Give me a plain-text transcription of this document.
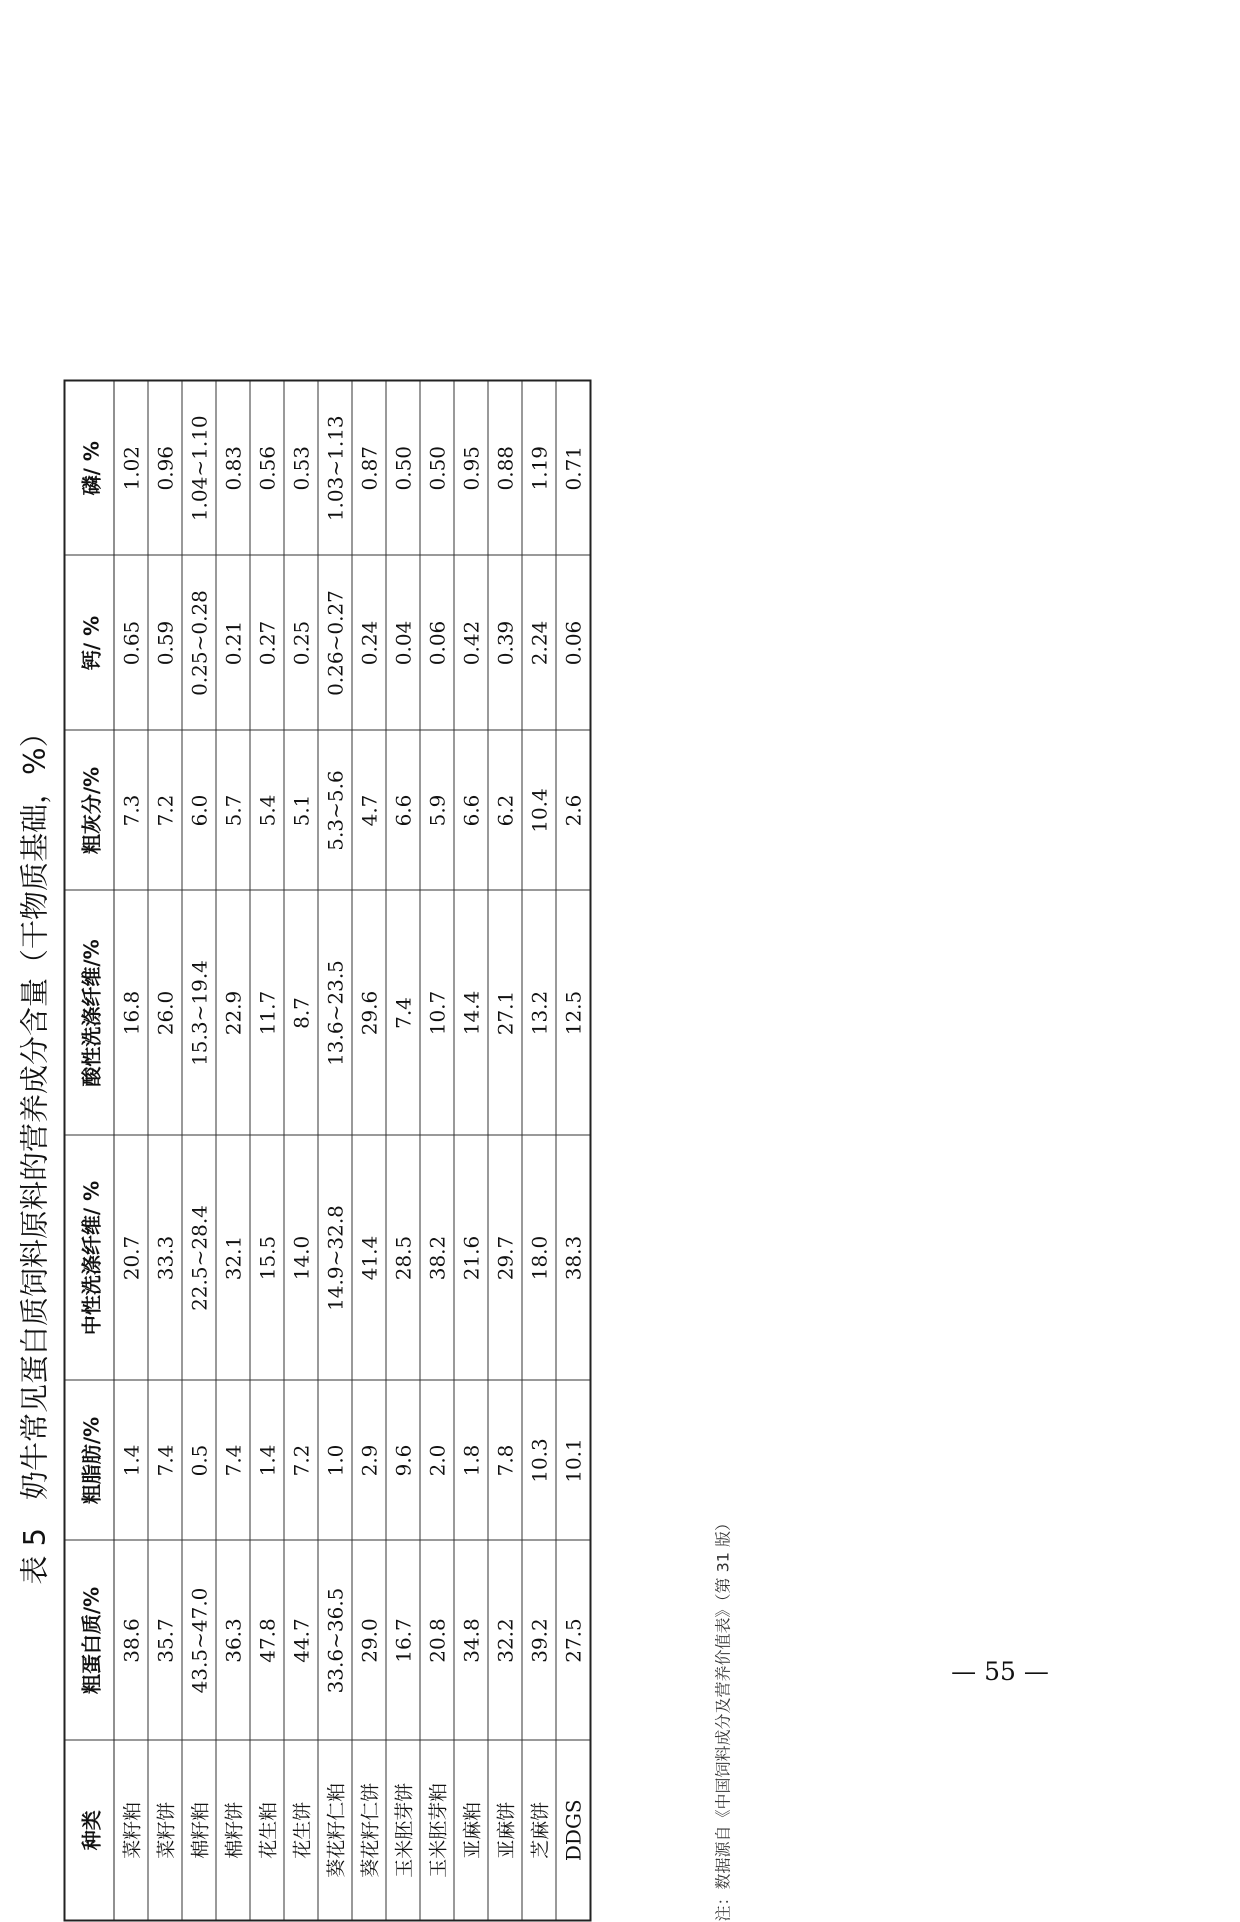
表 5奶牛常见蛋白质饲料原料的营养成分含量（干物质基础，%）
种类	粗蛋白质/%	粗脂肪/%	中性洗涤纤维/ %	酸性洗涤纤维/%	粗灰分/%	钙/ %	磷/ %
菜籽粕	38.6	1.4	20.7	16.8	7.3	0.65	1.02
菜籽饼	35.7	7.4	33.3	26.0	7.2	0.59	0.96
棉籽粕	43.5~47.0	0.5	22.5~28.4	15.3~19.4	6.0	0.25~0.28	1.04~1.10
棉籽饼	36.3	7.4	32.1	22.9	5.7	0.21	0.83
花生粕	47.8	1.4	15.5	11.7	5.4	0.27	0.56
花生饼	44.7	7.2	14.0	8.7	5.1	0.25	0.53
葵花籽仁粕	33.6~36.5	1.0	14.9~32.8	13.6~23.5	5.3~5.6	0.26~0.27	1.03~1.13
葵花籽仁饼	29.0	2.9	41.4	29.6	4.7	0.24	0.87
玉米胚芽饼	16.7	9.6	28.5	7.4	6.6	0.04	0.50
玉米胚芽粕	20.8	2.0	38.2	10.7	5.9	0.06	0.50
亚麻粕	34.8	1.8	21.6	14.4	6.6	0.42	0.95
亚麻饼	32.2	7.8	29.7	27.1	6.2	0.39	0.88
芝麻饼	39.2	10.3	18.0	13.2	10.4	2.24	1.19
DDGS	27.5	10.1	38.3	12.5	2.6	0.06	0.71
注：数据源自《中国饲料成分及营养价值表》（第 31 版）	— 55 —
